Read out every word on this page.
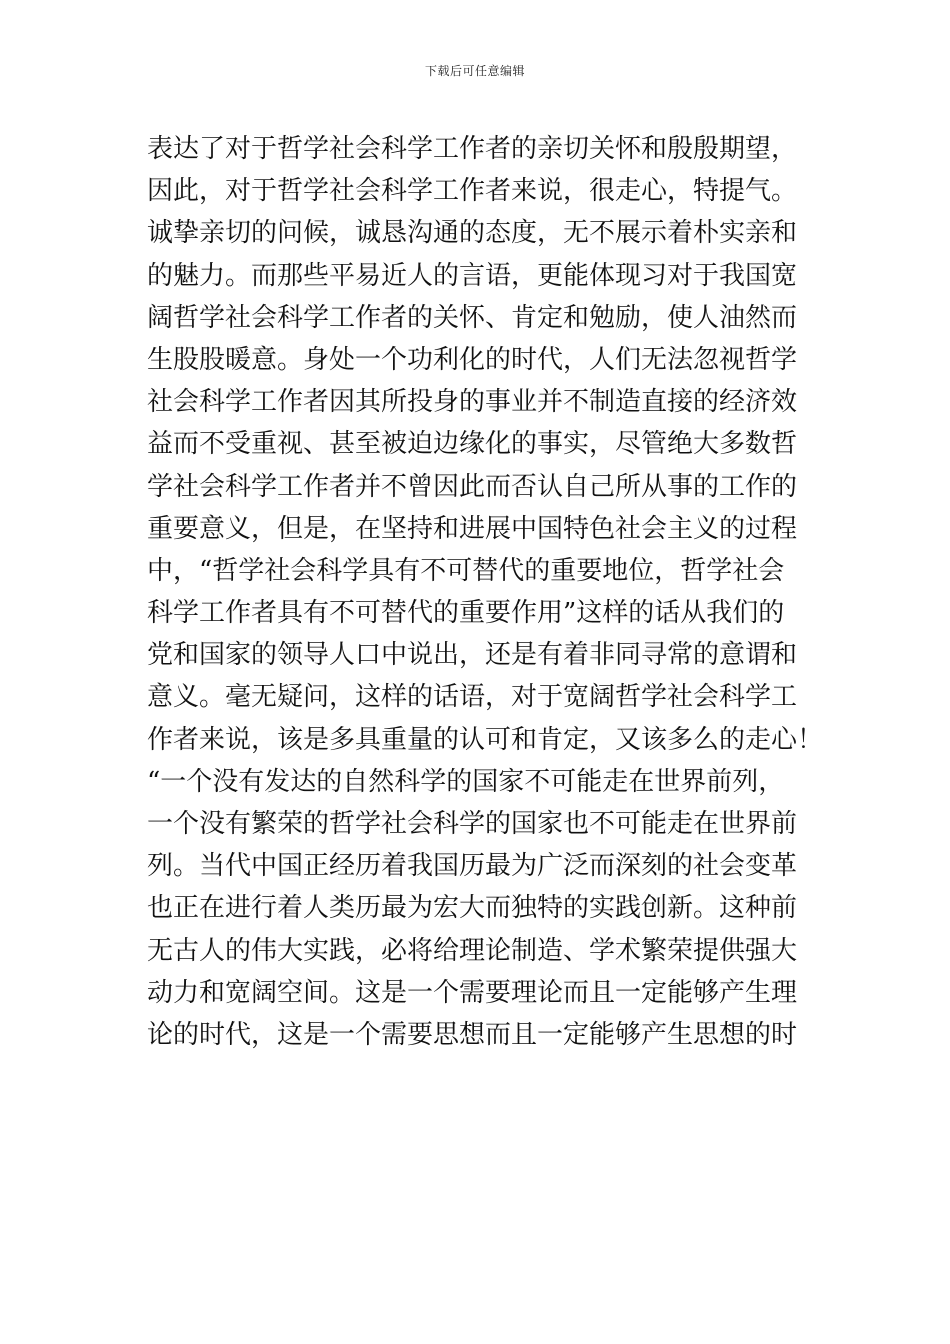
下载后可任意编辑
表达了对于哲学社会科学工作者的亲切关怀和殷殷期望，
因此，对于哲学社会科学工作者来说，很走心，特提气。
诚挚亲切的问候，诚恳沟通的态度，无不展示着朴实亲和
的魅力。而那些平易近人的言语，更能体现习对于我国宽
阔哲学社会科学工作者的关怀、肯定和勉励，使人油然而
生股股暖意。身处一个功利化的时代，人们无法忽视哲学
社会科学工作者因其所投身的事业并不制造直接的经济效
益而不受重视、甚至被迫边缘化的事实，尽管绝大多数哲
学社会科学工作者并不曾因此而否认自己所从事的工作的
重要意义，但是，在坚持和进展中国特色社会主义的过程
中，“哲学社会科学具有不可替代的重要地位，哲学社会
科学工作者具有不可替代的重要作用”这样的话从我们的
党和国家的领导人口中说出，还是有着非同寻常的意谓和
意义。毫无疑问，这样的话语，对于宽阔哲学社会科学工
作者来说，该是多具重量的认可和肯定，又该多么的走心！
“一个没有发达的自然科学的国家不可能走在世界前列，
一个没有繁荣的哲学社会科学的国家也不可能走在世界前
列。当代中国正经历着我国历最为广泛而深刻的社会变革
也正在进行着人类历最为宏大而独特的实践创新。这种前
无古人的伟大实践，必将给理论制造、学术繁荣提供强大
动力和宽阔空间。这是一个需要理论而且一定能够产生理
论的时代，这是一个需要思想而且一定能够产生思想的时
